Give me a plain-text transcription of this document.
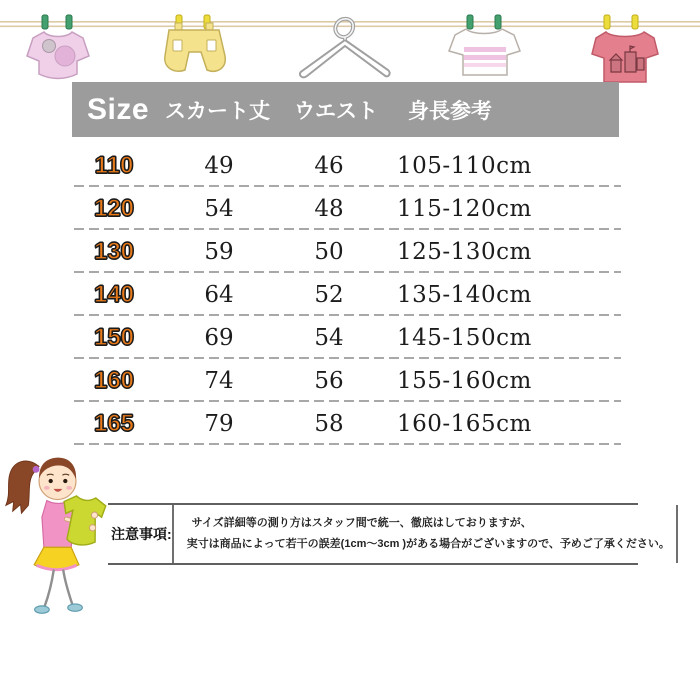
Size スカート丈 ウエスト 身長参考
110	49	46	105-110cm
120	54	48	115-120cm
130	59	50	125-130cm
140	64	52	135-140cm
150	69	54	145-150cm
160	74	56	155-160cm
165	79	58	160-165cm
注意事項:

サイズ詳細等の測り方はスタッフ間で統一、徹底はしておりますが、

実寸は商品によって若干の誤差(1cm〜3cm )がある場合がございますので、予めご了承ください。
